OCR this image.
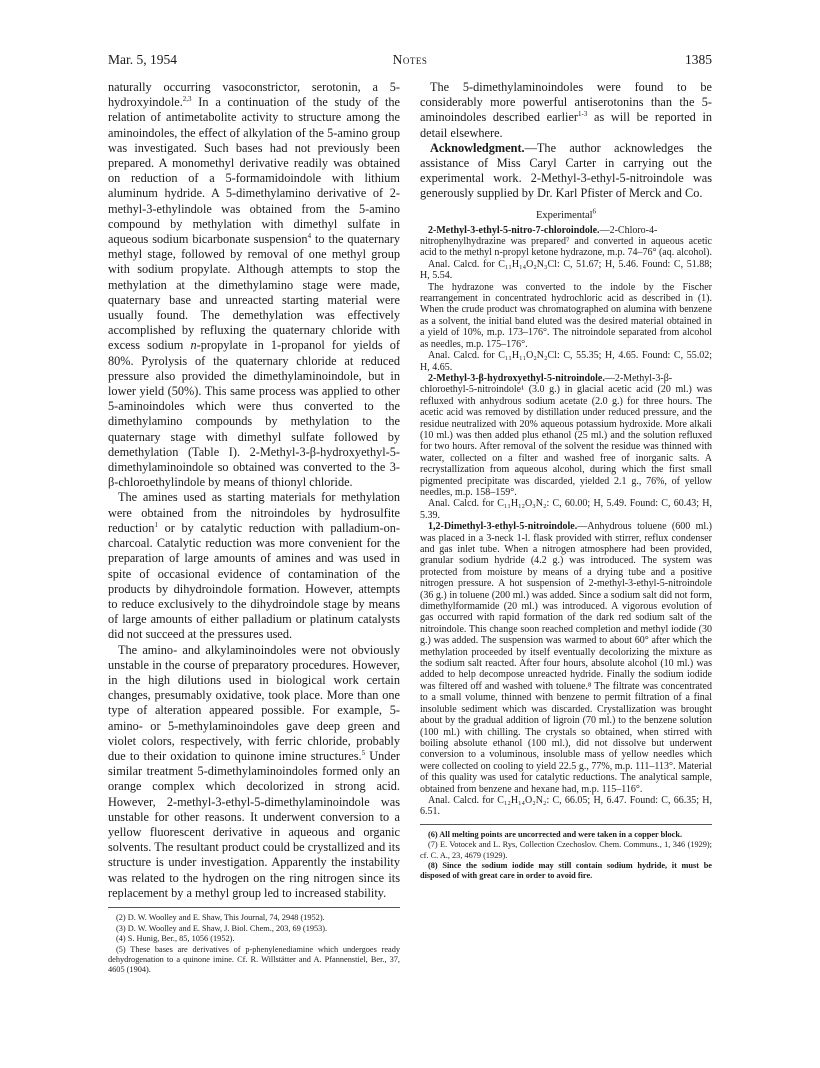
Mar. 5, 1954	Notes	1385

naturally occurring vasoconstrictor, serotonin, a 5-hydroxyindole.$^{2,3}$ In a continuation of the study of the relation of antimetabolite activity to structure among the aminoindoles, the effect of alkylation of the 5-amino group was investigated. Such bases had not previously been prepared. A monomethyl derivative readily was obtained on reduction of a 5-formamidoindole with lithium aluminum hydride. A 5-dimethylamino derivative of 2-methyl-3-ethylindole was obtained from the 5-amino compound by methylation with dimethyl sulfate in aqueous sodium bicarbonate suspension$^4$ to the quaternary methyl stage, followed by removal of one methyl group with sodium propylate. Although attempts to stop the methylation at the dimethylamino stage were made, quaternary base and unreacted starting material were usually found. The demethylation was effectively accomplished by refluxing the quaternary chloride with excess sodium n-propylate in 1-propanol for yields of 80%. Pyrolysis of the quaternary chloride at reduced pressure also provided the dimethylaminoindole, but in lower yield (50%). This same process was applied to other 5-aminoindoles which were thus converted to the dimethylamino compounds by methylation to the quaternary stage with dimethyl sulfate followed by demethylation (Table I). 2-Methyl-3-β-hydroxyethyl-5-dimethylaminoindole so obtained was converted to the 3-β-chloroethylindole by means of thionyl chloride.

The amines used as starting materials for methylation were obtained from the nitroindoles by hydrosulfite reduction$^1$ or by catalytic reduction with palladium-on-charcoal. Catalytic reduction was more convenient for the preparation of large amounts of amines and was used in spite of occasional evidence of contamination of the products by dihydroindole formation. However, attempts to reduce exclusively to the dihydroindole stage by means of large amounts of either palladium or platinum catalysts did not succeed at the pressures used.

The amino- and alkylaminoindoles were not obviously unstable in the course of preparatory procedures. However, in the high dilutions used in biological work certain changes, presumably oxidative, took place. More than one type of alteration appeared possible. For example, 5-amino- or 5-methylaminoindoles gave deep green and violet colors, respectively, with ferric chloride, probably due to their oxidation to quinone imine structures.$^5$ Under similar treatment 5-dimethylaminoindoles formed only an orange complex which decolorized in strong acid. However, 2-methyl-3-ethyl-5-dimethylaminoindole was unstable for other reasons. It underwent conversion to a yellow fluorescent derivative in aqueous and organic solvents. The resultant product could be crystallized and its structure is under investigation. Apparently the instability was related to the hydrogen on the ring nitrogen since its replacement by a methyl group led to increased stability.

(2) D. W. Woolley and E. Shaw, This Journal, 74, 2948 (1952).

(3) D. W. Woolley and E. Shaw, J. Biol. Chem., 203, 69 (1953).

(4) S. Hunig, Ber., 85, 1056 (1952).

(5) These bases are derivatives of p-phenylenediamine which undergoes ready dehydrogenation to a quinone imine. Cf. R. Willstätter and A. Pfannenstiel, Ber., 37, 4605 (1904).

The 5-dimethylaminoindoles were found to be considerably more powerful antiserotonins than the 5-aminoindoles described earlier$^{1-3}$ as will be reported in detail elsewhere.

Acknowledgment.—The author acknowledges the assistance of Miss Caryl Carter in carrying out the experimental work. 2-Methyl-3-ethyl-5-nitroindole was generously supplied by Dr. Karl Pfister of Merck and Co.

Experimental$^6$

2-Methyl-3-ethyl-5-nitro-7-chloroindole.—2-Chloro-4-nitrophenylhydrazine was prepared⁷ and converted in aqueous acetic acid to the methyl n-propyl ketone hydrazone, m.p. 74–76° (aq. alcohol).

Anal. Calcd. for C₁₁H₁₄O₂N₃Cl: C, 51.67; H, 5.46. Found: C, 51.88; H, 5.54.

The hydrazone was converted to the indole by the Fischer rearrangement in concentrated hydrochloric acid as described in (1). When the crude product was chromatographed on alumina with benzene as a solvent, the initial band eluted was the desired material obtained in a yield of 10%, m.p. 173–176°. The nitroindole separated from alcohol as needles, m.p. 175–176°.

Anal. Calcd. for C₁₁H₁₁O₂N₂Cl: C, 55.35; H, 4.65. Found: C, 55.02; H, 4.65.

2-Methyl-3-β-hydroxyethyl-5-nitroindole.—2-Methyl-3-β-chloroethyl-5-nitroindole¹ (3.0 g.) in glacial acetic acid (20 ml.) was refluxed with anhydrous sodium acetate (2.0 g.) for three hours. The acetic acid was removed by distillation under reduced pressure, and the residue neutralized with 20% aqueous potassium hydroxide. More alkali (10 ml.) was then added plus ethanol (25 ml.) and the solution refluxed for two hours. After removal of the solvent the residue was thinned with water, collected on a filter and washed free of inorganic salts. A recrystallization from aqueous alcohol, during which the first small pigmented precipitate was discarded, yielded 2.1 g., 76%, of yellow needles, m.p. 158–159°.

Anal. Calcd. for C₁₁H₁₂O₃N₂: C, 60.00; H, 5.49. Found: C, 60.43; H, 5.39.

1,2-Dimethyl-3-ethyl-5-nitroindole.—Anhydrous toluene (600 ml.) was placed in a 3-neck 1-l. flask provided with stirrer, reflux condenser and gas inlet tube. When a nitrogen atmosphere had been provided, granular sodium hydride (4.2 g.) was introduced. The system was protected from moisture by means of a drying tube and a positive nitrogen pressure. A hot suspension of 2-methyl-3-ethyl-5-nitroindole (36 g.) in toluene (200 ml.) was added. Since a sodium salt did not form, dimethylformamide (20 ml.) was introduced. A vigorous evolution of gas occurred with rapid formation of the dark red sodium salt of the nitroindole. This change soon reached completion and methyl iodide (30 g.) was added. The suspension was warmed to about 60° after which the methylation proceeded by itself eventually decolorizing the mixture as the sodium salt reacted. After four hours, absolute alcohol (10 ml.) was added to help decompose unreacted hydride. Finally the sodium iodide was filtered off and washed with toluene.⁸ The filtrate was concentrated to a small volume, thinned with benzene to permit filtration of a final insoluble sediment which was discarded. Crystallization was brought about by the gradual addition of ligroin (70 ml.) to the benzene solution (100 ml.) with chilling. The crystals so obtained, when stirred with boiling absolute ethanol (100 ml.), did not dissolve but underwent conversion to a voluminous, insoluble mass of yellow needles which were collected on cooling to yield 22.5 g., 77%, m.p. 111–113°. Material of this quality was used for catalytic reductions. The analytical sample, obtained from benzene and hexane had, m.p. 115–116°.

Anal. Calcd. for C₁₂H₁₄O₂N₂: C, 66.05; H, 6.47. Found: C, 66.35; H, 6.51.

(6) All melting points are uncorrected and were taken in a copper block.

(7) E. Votocek and L. Rys, Collection Czechoslov. Chem. Communs., 1, 346 (1929); cf. C. A., 23, 4679 (1929).

(8) Since the sodium iodide may still contain sodium hydride, it must be disposed of with great care in order to avoid fire.
